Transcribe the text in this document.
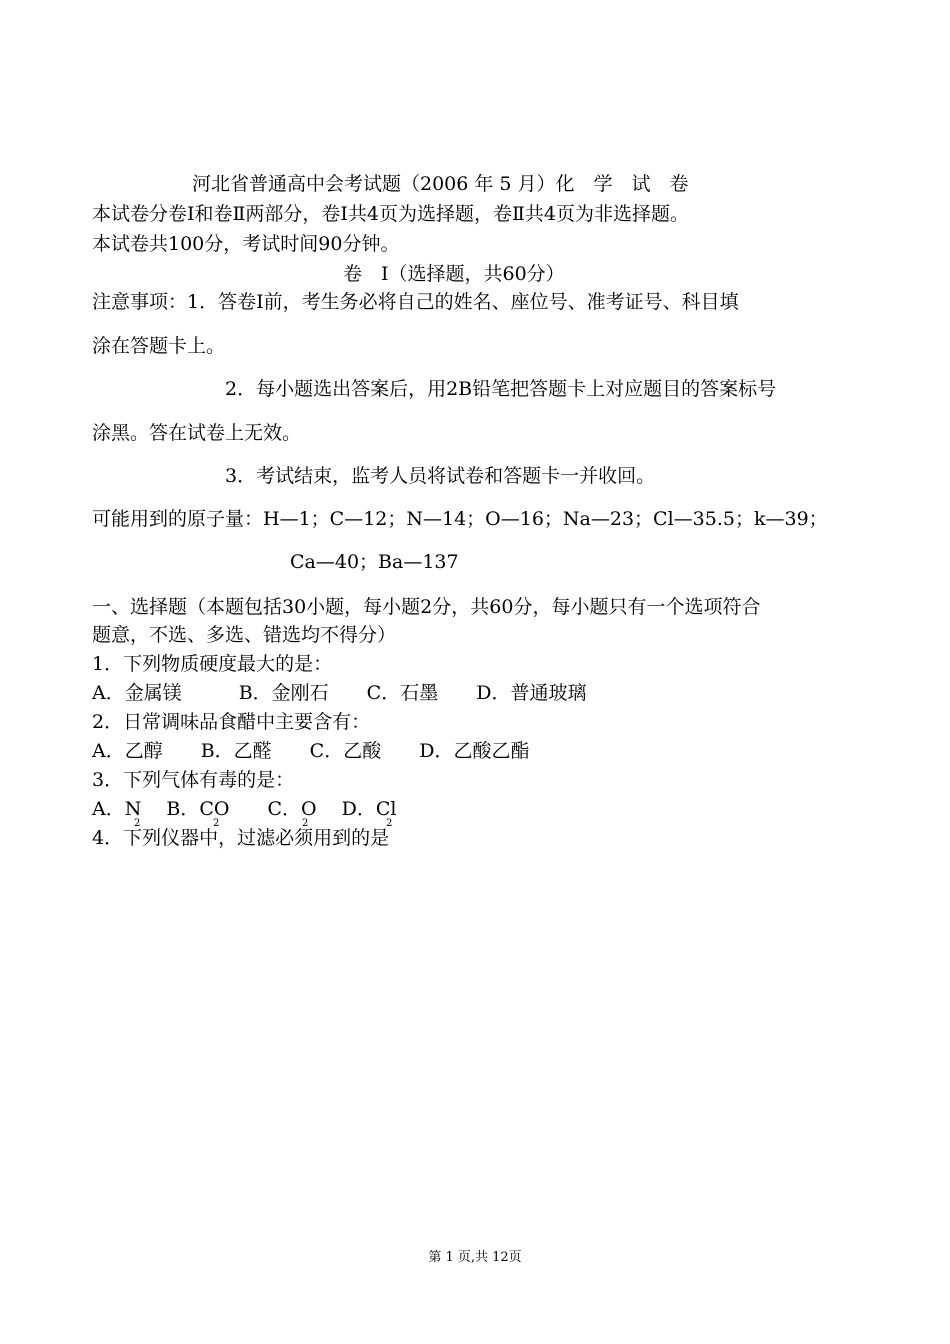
河北省普通高中会考试题（2006 年 5 月）化　学　试　卷
本试卷分卷Ⅰ和卷Ⅱ两部分，卷Ⅰ共4页为选择题，卷Ⅱ共4页为非选择题。
本试卷共100分，考试时间90分钟。
卷　Ⅰ（选择题，共60分）
注意事项：1．答卷Ⅰ前，考生务必将自己的姓名、座位号、准考证号、科目填
涂在答题卡上。
2．每小题选出答案后，用2B铅笔把答题卡上对应题目的答案标号
涂黑。答在试卷上无效。
3．考试结束，监考人员将试卷和答题卡一并收回。
可能用到的原子量：H—1；C—12；N—14；O—16；Na—23；Cl—35.5；k—39；
Ca—40；Ba—137
一、选择题（本题包括30小题，每小题2分，共60分，每小题只有一个选项符合
题意，不选、多选、错选均不得分）
1．下列物质硬度最大的是：
A．金属镁　　　B．金刚石　　C．石墨　　D．普通玻璃
2．日常调味品食醋中主要含有：
A．乙醇　　B．乙醛　　C．乙酸　　D．乙酸乙酯
3．下列气体有毒的是：
A．N　 B．CO　　C．O　 D．Cl
2	2	2	2
4．下列仪器中，过滤必须用到的是
第 1 页,共 12页
